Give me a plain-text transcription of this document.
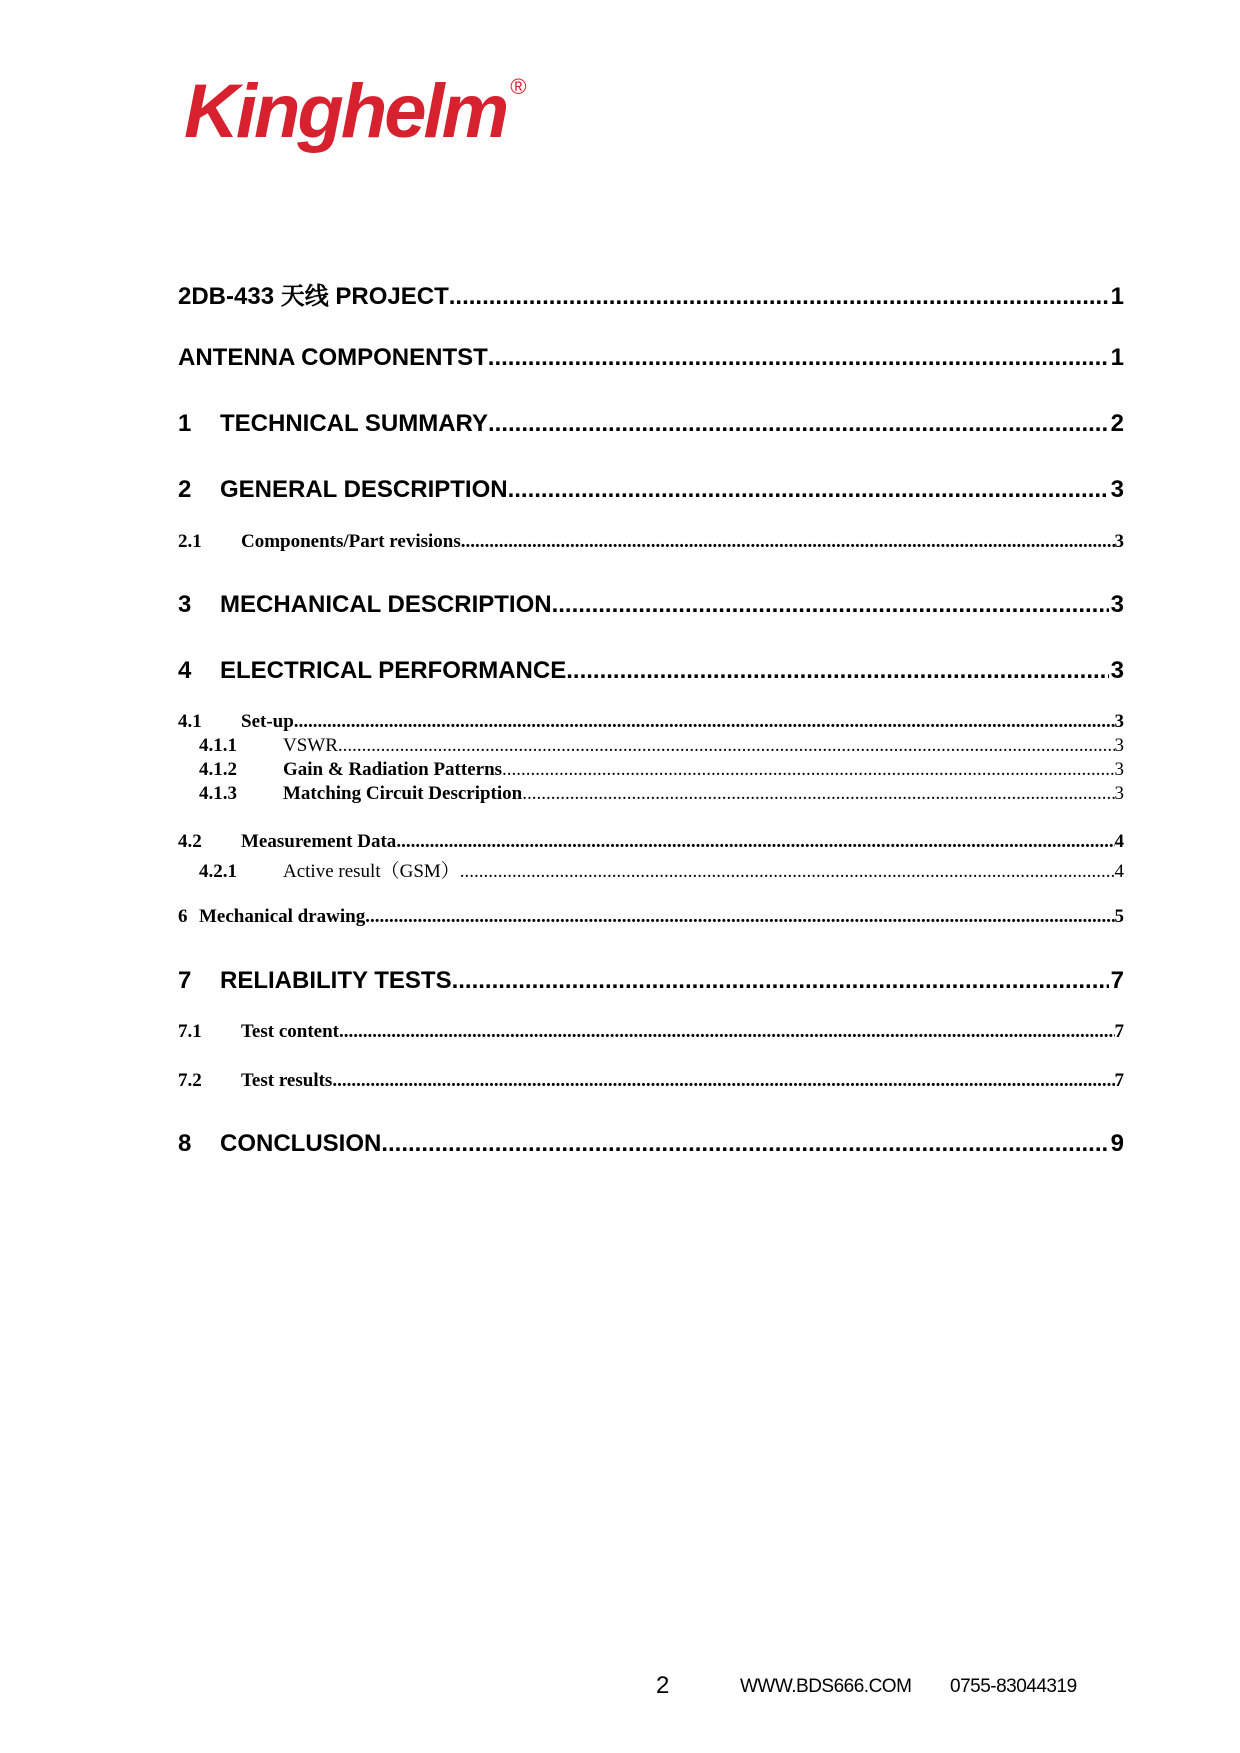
Kinghelm ®
2DB-433 天线 PROJECT .....	1
ANTENNA COMPONENTST .....	1
1	TECHNICAL SUMMARY .....	2
2	GENERAL DESCRIPTION .....	3
2.1	Components/Part revisions .....	3
3	MECHANICAL DESCRIPTION .....	3
4	ELECTRICAL PERFORMANCE .....	3
4.1	Set-up .....	3
4.1.1	VSWR .....	3
4.1.2	Gain & Radiation Patterns .....	3
4.1.3	Matching Circuit Description .....	3
4.2	Measurement Data .....	4
4.2.1	Active result（GSM） .....	4
6 Mechanical drawing .....	5
7	RELIABILITY TESTS .....	7
7.1	Test content .....	7
7.2	Test results .....	7
8	CONCLUSION .....	9
2	WWW.BDS666.COM 0755-83044319
